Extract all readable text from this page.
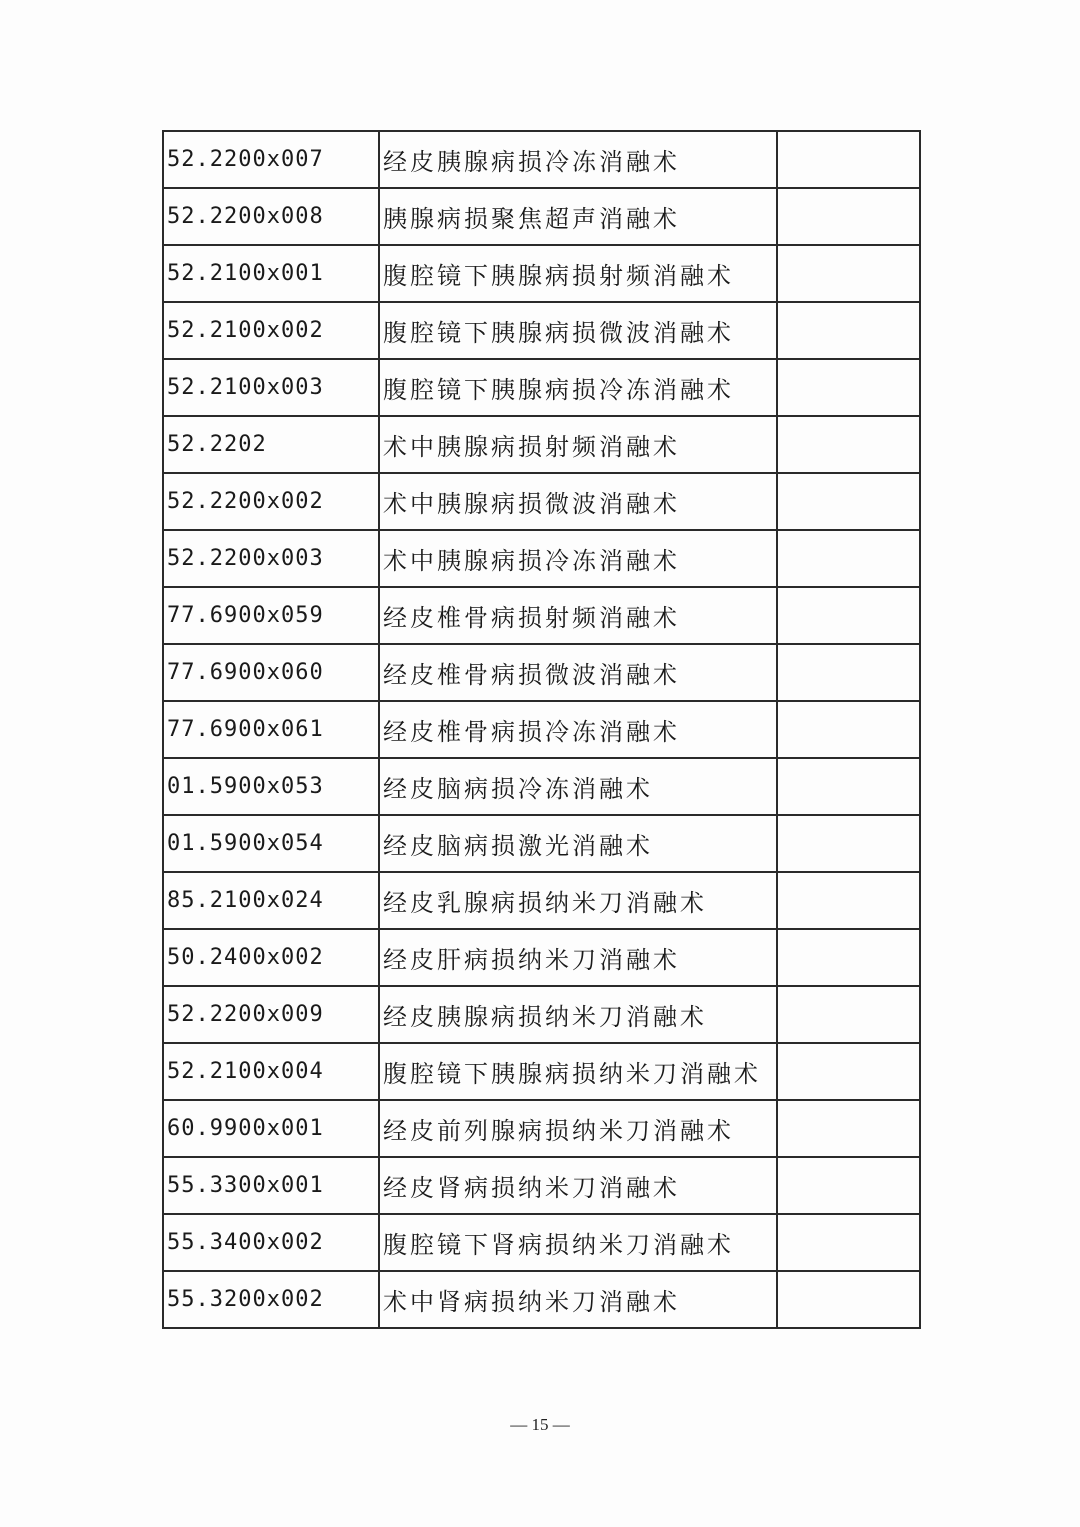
52.2200x007	经皮胰腺病损冷冻消融术	
52.2200x008	胰腺病损聚焦超声消融术	
52.2100x001	腹腔镜下胰腺病损射频消融术	
52.2100x002	腹腔镜下胰腺病损微波消融术	
52.2100x003	腹腔镜下胰腺病损冷冻消融术	
52.2202	术中胰腺病损射频消融术	
52.2200x002	术中胰腺病损微波消融术	
52.2200x003	术中胰腺病损冷冻消融术	
77.6900x059	经皮椎骨病损射频消融术	
77.6900x060	经皮椎骨病损微波消融术	
77.6900x061	经皮椎骨病损冷冻消融术	
01.5900x053	经皮脑病损冷冻消融术	
01.5900x054	经皮脑病损激光消融术	
85.2100x024	经皮乳腺病损纳米刀消融术	
50.2400x002	经皮肝病损纳米刀消融术	
52.2200x009	经皮胰腺病损纳米刀消融术	
52.2100x004	腹腔镜下胰腺病损纳米刀消融术	
60.9900x001	经皮前列腺病损纳米刀消融术	
55.3300x001	经皮肾病损纳米刀消融术	
55.3400x002	腹腔镜下肾病损纳米刀消融术	
55.3200x002	术中肾病损纳米刀消融术	
— 15 —
